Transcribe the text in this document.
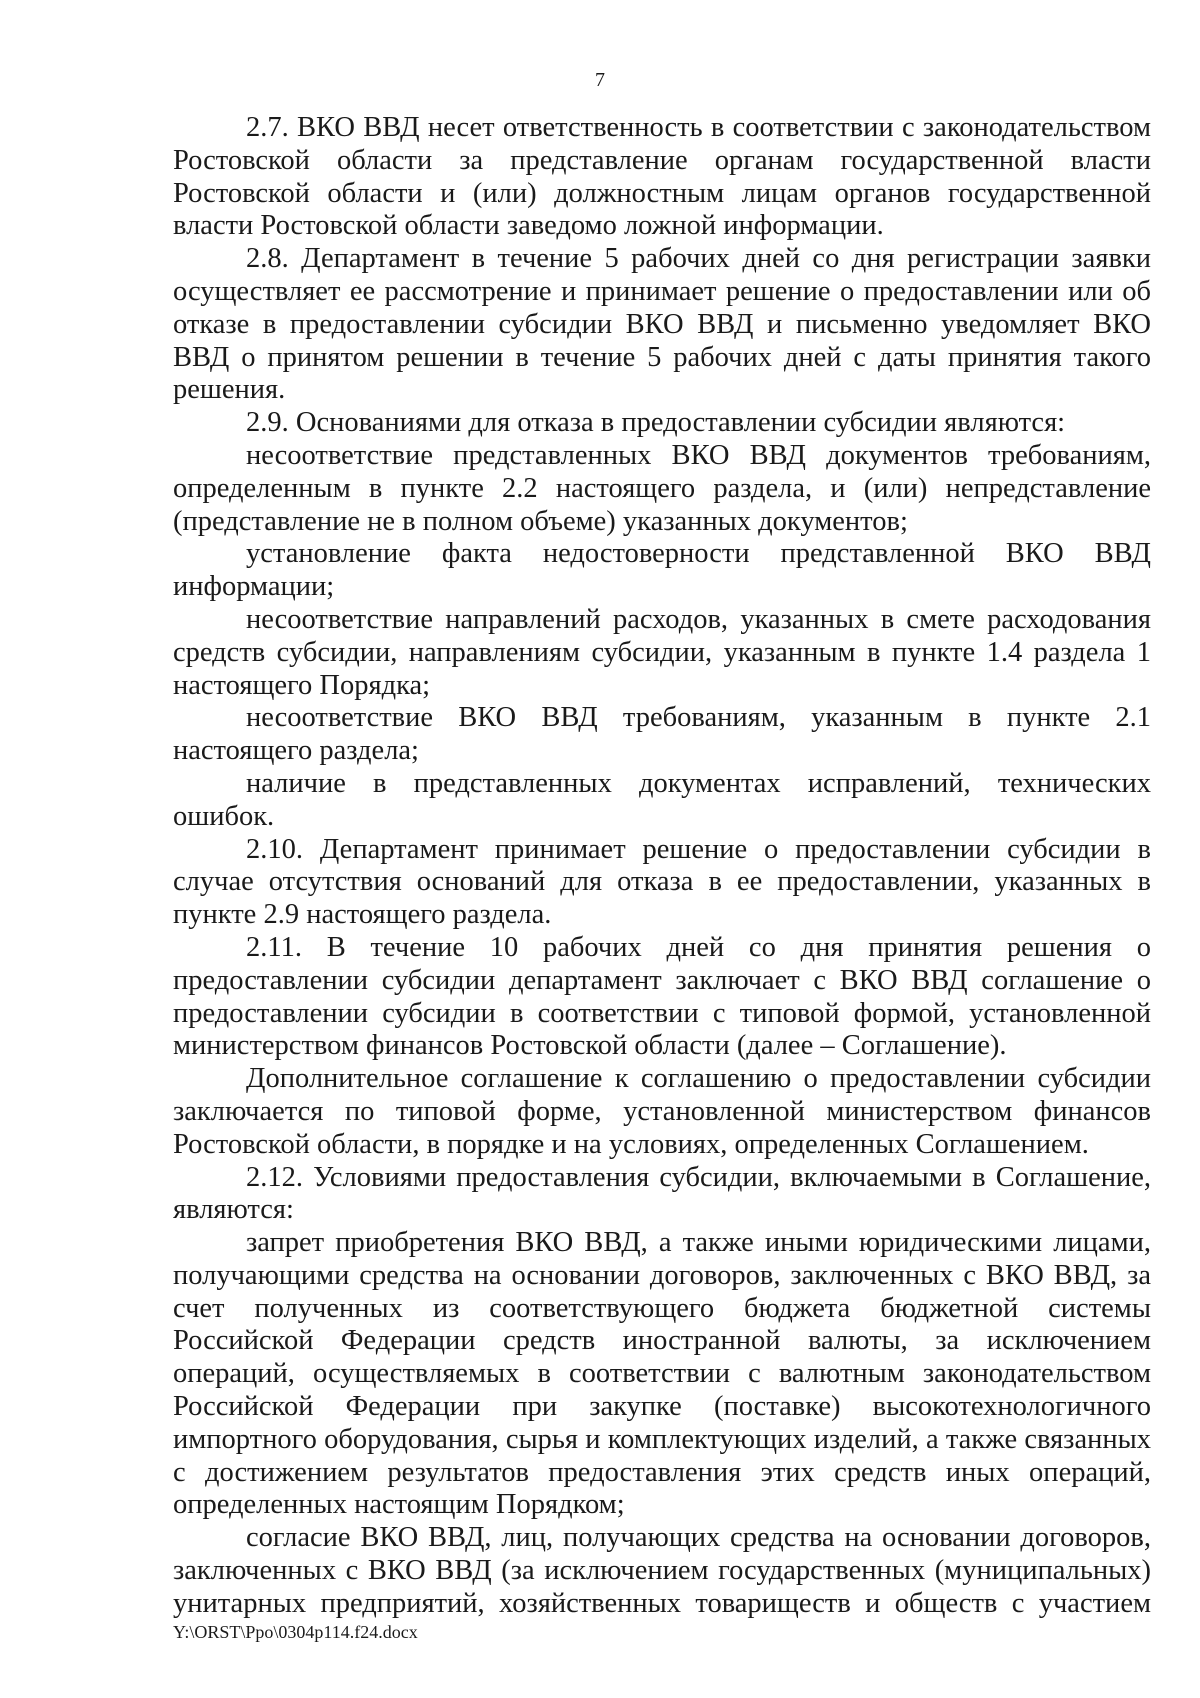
7

2.7. ВКО ВВД несет ответственность в соответствии с законодательством Ростовской области за представление органам государственной власти Ростовской области и (или) должностным лицам органов государственной власти Ростовской области заведомо ложной информации.

2.8. Департамент в течение 5 рабочих дней со дня регистрации заявки осуществляет ее рассмотрение и принимает решение о предоставлении или об отказе в предоставлении субсидии ВКО ВВД и письменно уведомляет ВКО ВВД о принятом решении в течение 5 рабочих дней с даты принятия такого решения.

2.9. Основаниями для отказа в предоставлении субсидии являются:

несоответствие представленных ВКО ВВД документов требованиям, определенным в пункте 2.2 настоящего раздела, и (или) непредставление (представление не в полном объеме) указанных документов;

установление факта недостоверности представленной ВКО ВВД информации;

несоответствие направлений расходов, указанных в смете расходования средств субсидии, направлениям субсидии, указанным в пункте 1.4 раздела 1 настоящего Порядка;

несоответствие ВКО ВВД требованиям, указанным в пункте 2.1 настоящего раздела;

наличие в представленных документах исправлений, технических ошибок.

2.10. Департамент принимает решение о предоставлении субсидии в случае отсутствия оснований для отказа в ее предоставлении, указанных в пункте 2.9 настоящего раздела.

2.11. В течение 10 рабочих дней со дня принятия решения о предоставлении субсидии департамент заключает с ВКО ВВД соглашение о предоставлении субсидии в соответствии с типовой формой, установленной министерством финансов Ростовской области (далее – Соглашение).

Дополнительное соглашение к соглашению о предоставлении субсидии заключается по типовой форме, установленной министерством финансов Ростовской области, в порядке и на условиях, определенных Соглашением.

2.12. Условиями предоставления субсидии, включаемыми в Соглашение, являются:

запрет приобретения ВКО ВВД, а также иными юридическими лицами, получающими средства на основании договоров, заключенных с ВКО ВВД, за счет полученных из соответствующего бюджета бюджетной системы Российской Федерации средств иностранной валюты, за исключением операций, осуществляемых в соответствии с валютным законодательством Российской Федерации при закупке (поставке) высокотехнологичного импортного оборудования, сырья и комплектующих изделий, а также связанных с достижением результатов предоставления этих средств иных операций, определенных настоящим Порядком;

согласие ВКО ВВД, лиц, получающих средства на основании договоров, заключенных с ВКО ВВД (за исключением государственных (муниципальных) унитарных предприятий, хозяйственных товариществ и обществ с участием

Y:\ORST\Ppo\0304p114.f24.docx
